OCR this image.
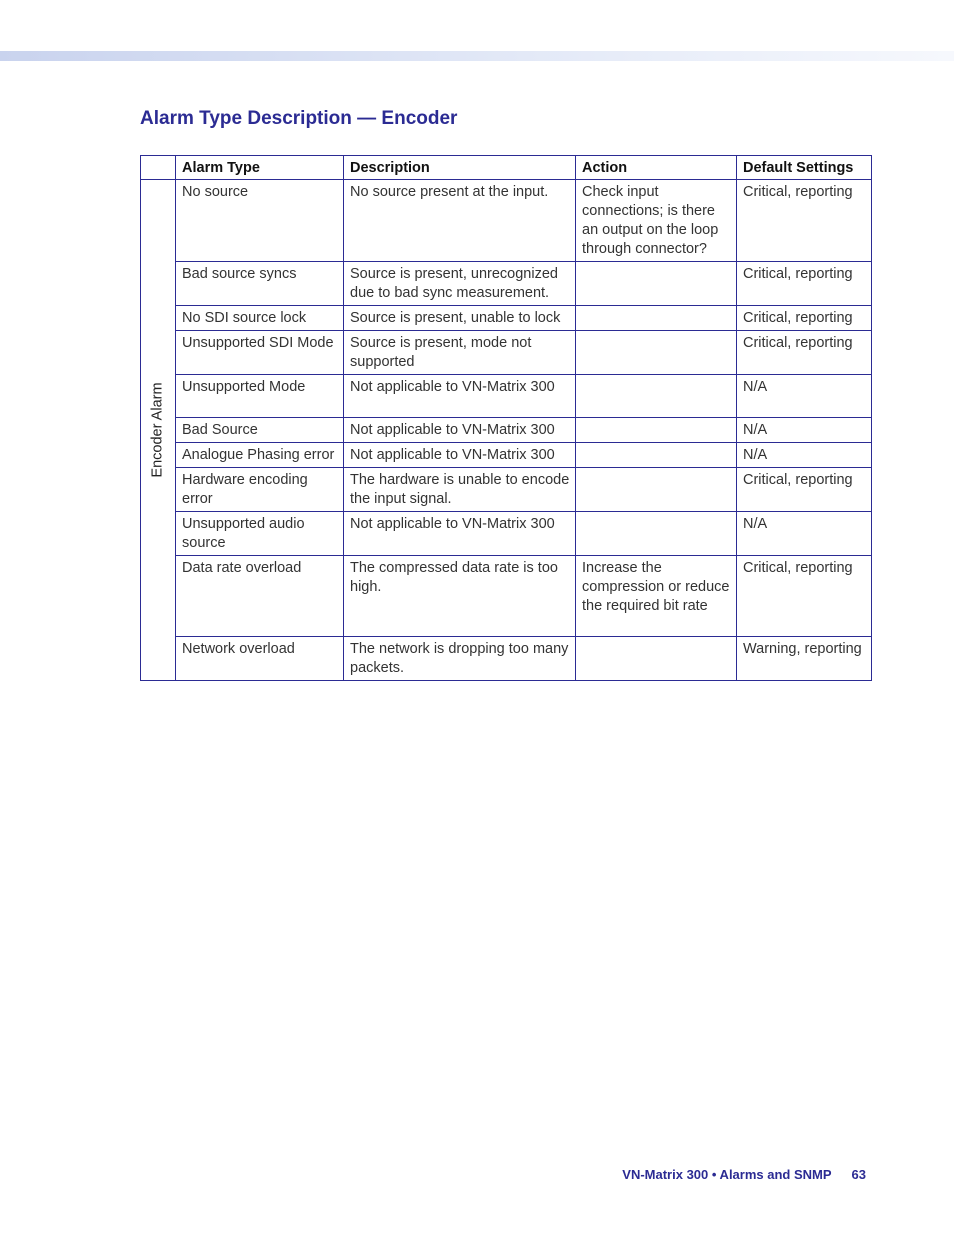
Alarm Type Description — Encoder
	Alarm Type	Description	Action	Default Settings

Encoder Alarm	No source	No source present at the input.	Check input connections; is there an output on the loop through connector?	Critical, reporting
	Bad source syncs	Source is present, unrecognized due to bad sync measurement.		Critical, reporting
	No SDI source lock	Source is present, unable to lock		Critical, reporting
	Unsupported SDI Mode	Source is present, mode not supported		Critical, reporting
	Unsupported Mode	Not applicable to VN-Matrix 300		N/A
	Bad Source	Not applicable to VN-Matrix 300		N/A
	Analogue Phasing error	Not applicable to VN-Matrix 300		N/A
	Hardware encoding error	The hardware is unable to encode the input signal.		Critical, reporting
	Unsupported audio source	Not applicable to VN-Matrix 300		N/A
	Data rate overload	The compressed data rate is too high.	Increase the compression or reduce the required bit rate	Critical, reporting
	Network overload	The network is dropping too many packets.		Warning, reporting
VN-Matrix 300 • Alarms and SNMP 63
